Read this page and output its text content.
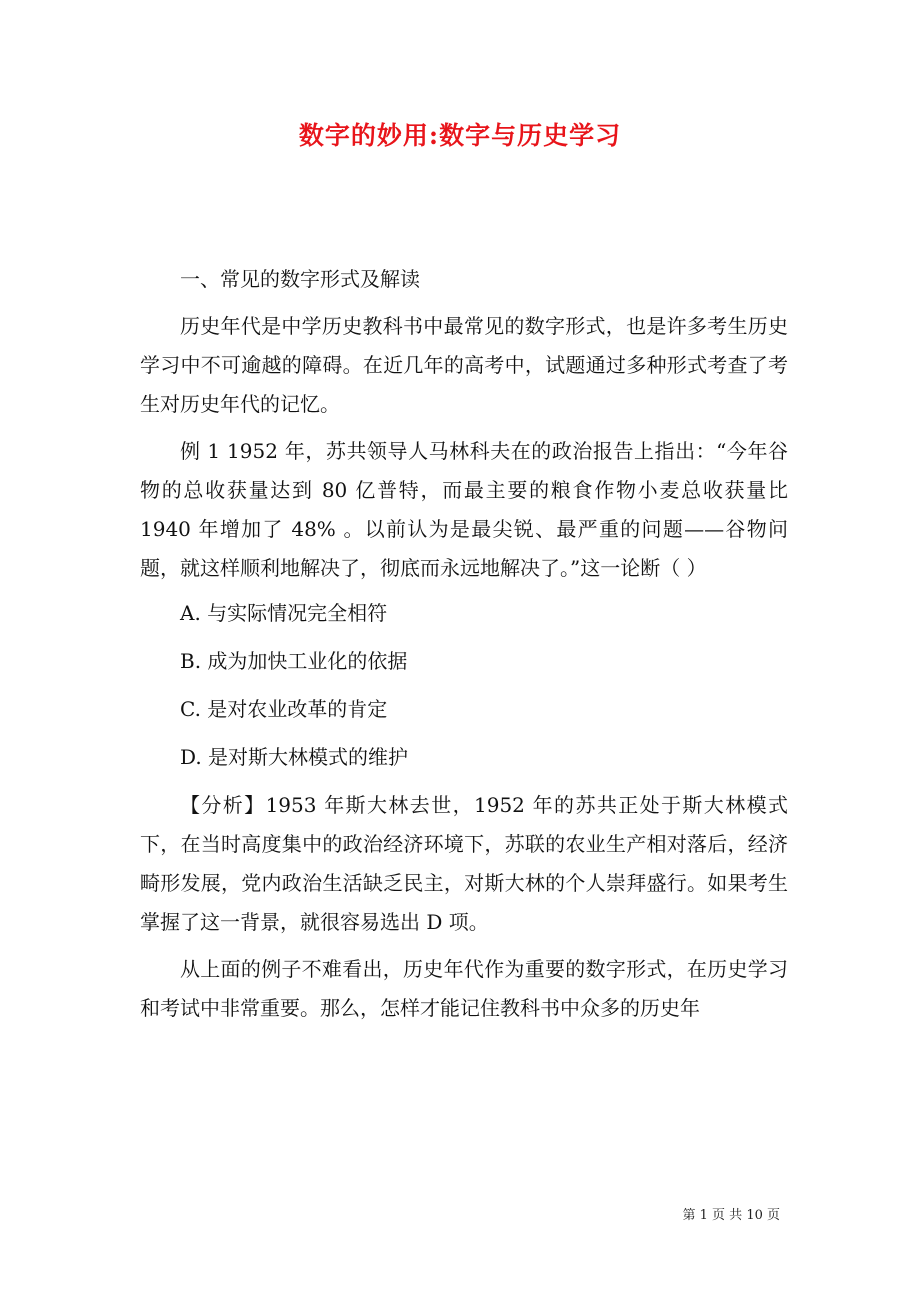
数字的妙用:数字与历史学习

一、常见的数字形式及解读

历史年代是中学历史教科书中最常见的数字形式，也是许多考生历史学习中不可逾越的障碍。在近几年的高考中，试题通过多种形式考查了考生对历史年代的记忆。

例 1 1952 年，苏共领导人马林科夫在的政治报告上指出：“今年谷物的总收获量达到 80 亿普特，而最主要的粮食作物小麦总收获量比 1940 年增加了 48% 。以前认为是最尖锐、最严重的问题——谷物问题，就这样顺利地解决了，彻底而永远地解决了。”这一论断（ ）

A. 与实际情况完全相符

B. 成为加快工业化的依据

C. 是对农业改革的肯定

D. 是对斯大林模式的维护

【分析】1953 年斯大林去世，1952 年的苏共正处于斯大林模式下，在当时高度集中的政治经济环境下，苏联的农业生产相对落后，经济畸形发展，党内政治生活缺乏民主，对斯大林的个人崇拜盛行。如果考生掌握了这一背景，就很容易选出 D 项。

从上面的例子不难看出，历史年代作为重要的数字形式，在历史学习和考试中非常重要。那么，怎样才能记住教科书中众多的历史年

第 1 页 共 10 页
